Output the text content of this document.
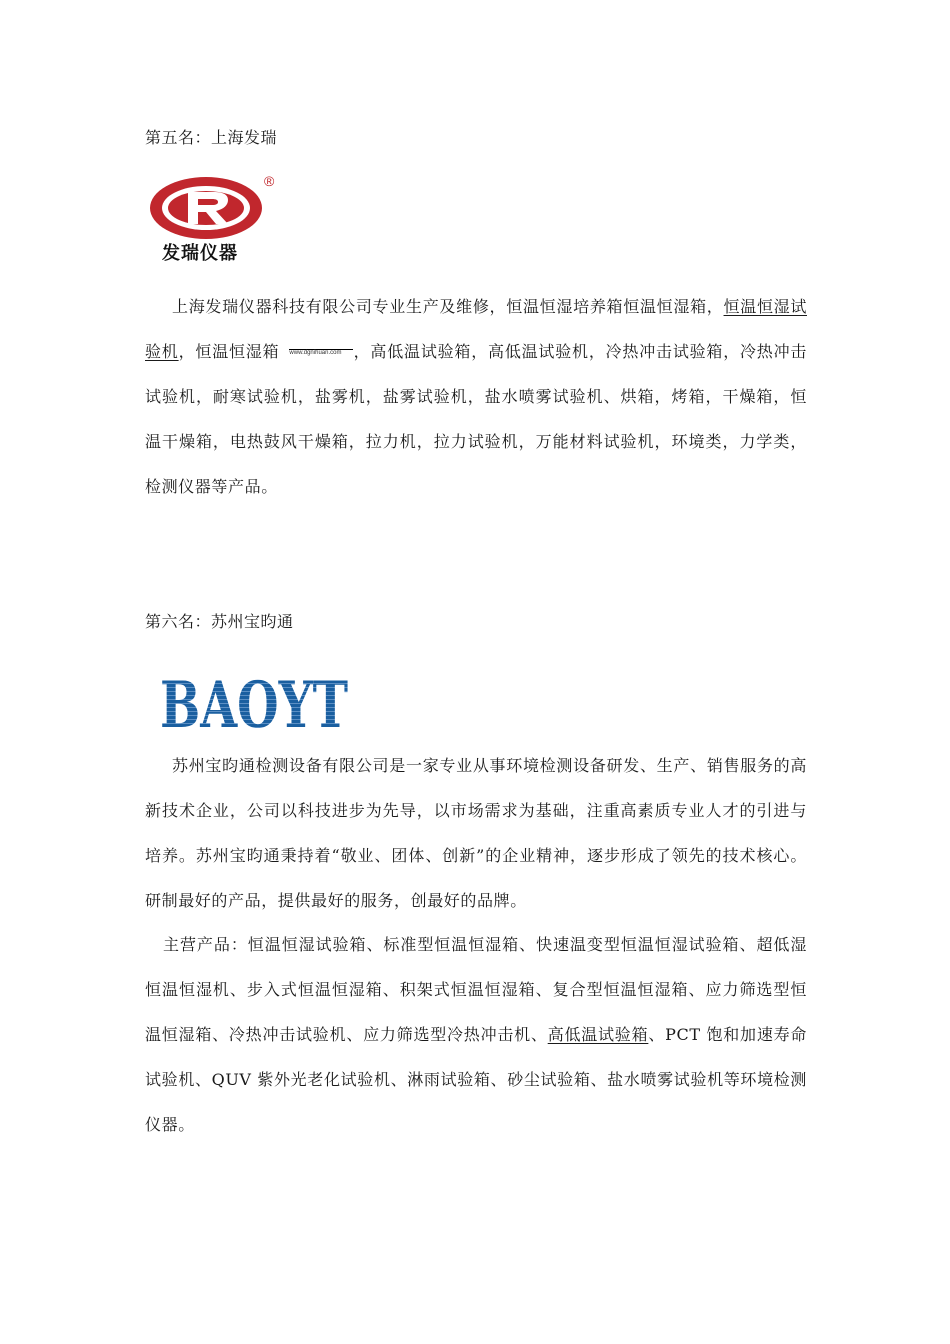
第五名：上海发瑞
®
发瑞仪器

上海发瑞仪器科技有限公司专业生产及维修，恒温恒湿培养箱恒温恒湿箱，恒温恒湿试验机，恒温恒湿箱 www.dgnihuan.com ，高低温试验箱，高低温试验机，冷热冲击试验箱，冷热冲击试验机，耐寒试验机，盐雾机，盐雾试验机，盐水喷雾试验机、烘箱，烤箱，干燥箱，恒温干燥箱，电热鼓风干燥箱，拉力机，拉力试验机，万能材料试验机，环境类，力学类，检测仪器等产品。

第六名：苏州宝昀通
BAOYT

苏州宝昀通检测设备有限公司是一家专业从事环境检测设备研发、生产、销售服务的高新技术企业，公司以科技进步为先导，以市场需求为基础，注重高素质专业人才的引进与培养。苏州宝昀通秉持着“敬业、团体、创新”的企业精神，逐步形成了领先的技术核心。研制最好的产品，提供最好的服务，创最好的品牌。

主营产品：恒温恒湿试验箱、标准型恒温恒湿箱、快速温变型恒温恒湿试验箱、超低湿恒温恒湿机、步入式恒温恒湿箱、积架式恒温恒湿箱、复合型恒温恒湿箱、应力筛选型恒温恒湿箱、冷热冲击试验机、应力筛选型冷热冲击机、高低温试验箱、PCT 饱和加速寿命试验机、QUV 紫外光老化试验机、淋雨试验箱、砂尘试验箱、盐水喷雾试验机等环境检测仪器。
